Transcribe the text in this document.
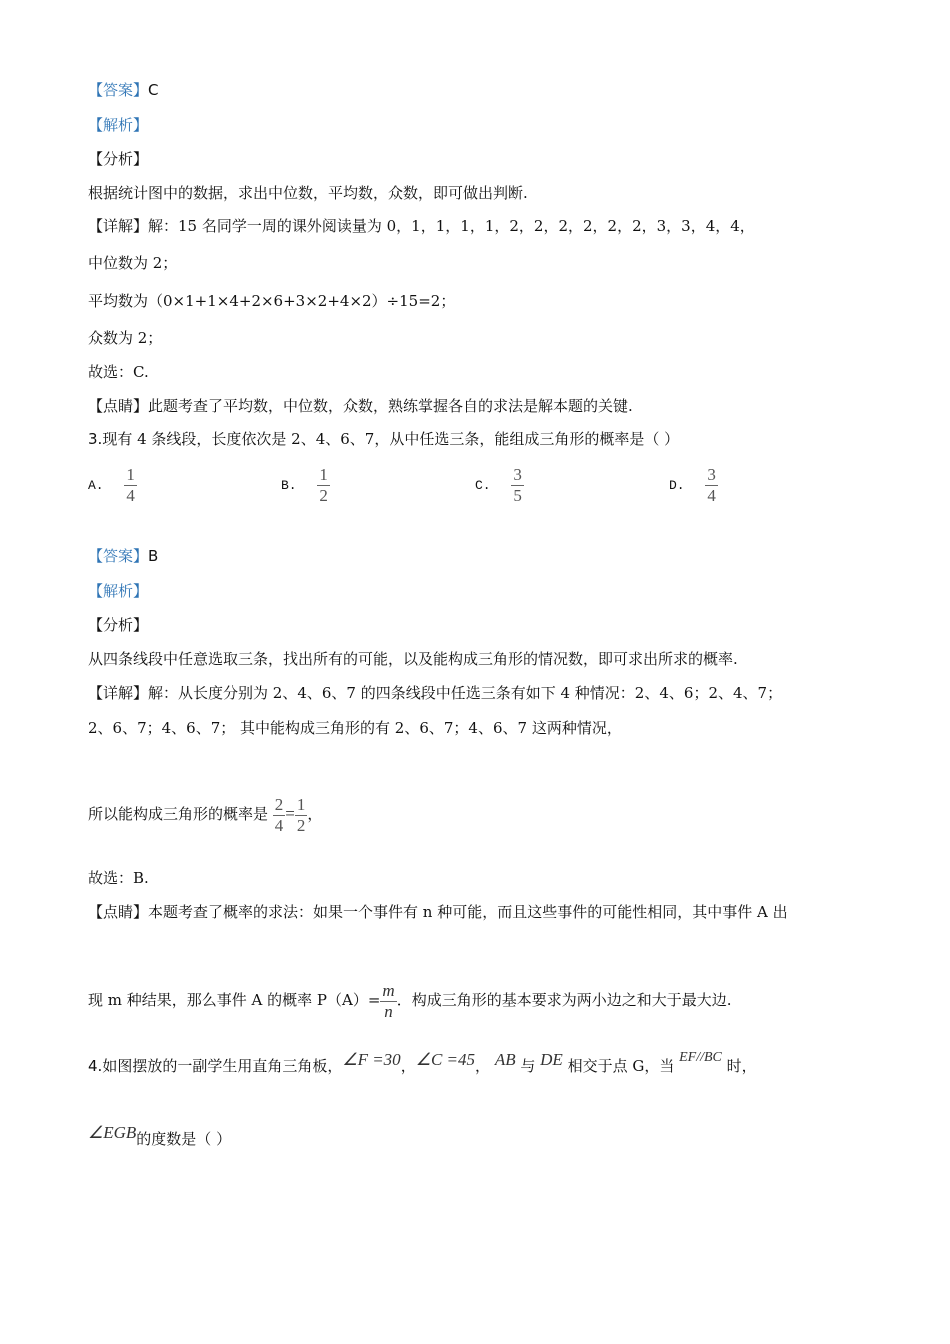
【答案】C
【解析】
【分析】
根据统计图中的数据，求出中位数，平均数，众数，即可做出判断.
【详解】解：15 名同学一周的课外阅读量为 0，1，1，1，1，2，2，2，2，2，2，3，3，4，4，
中位数为 2；
平均数为（0×1+1×4+2×6+3×2+4×2）÷15=2；
众数为 2；
故选：C.
【点睛】此题考查了平均数，中位数，众数，熟练掌握各自的求法是解本题的关键.
3.现有 4 条线段，长度依次是 2、4、6、7，从中任选三条，能组成三角形的概率是（ ）
A. $\frac{1}{4}$	B. $\frac{1}{2}$	C. $\frac{3}{5}$	D. $\frac{3}{4}$
【答案】B
【解析】
【分析】
从四条线段中任意选取三条，找出所有的可能，以及能构成三角形的情况数，即可求出所求的概率.
【详解】解：从长度分别为 2、4、6、7 的四条线段中任选三条有如下 4 种情况：2、4、6；2、4、7；
2、6、7；4、6、7； 其中能构成三角形的有 2、6、7；4、6、7 这两种情况，
所以能构成三角形的概率是 $\frac{2}{4} = \frac{1}{2}$ ，
故选：B.
【点睛】本题考查了概率的求法：如果一个事件有 n 种可能，而且这些事件的可能性相同，其中事件 A 出
现 m 种结果，那么事件 A 的概率 $P(A)= \frac{m}{n}$ ．构成三角形的基本要求为两小边之和大于最大边.
4.如图摆放的一副学生用直角三角板，∠F =30，∠C =45， AB 与 DE 相交于点 G，当 EF//BC 时，
∠EGB的度数是（ ）
